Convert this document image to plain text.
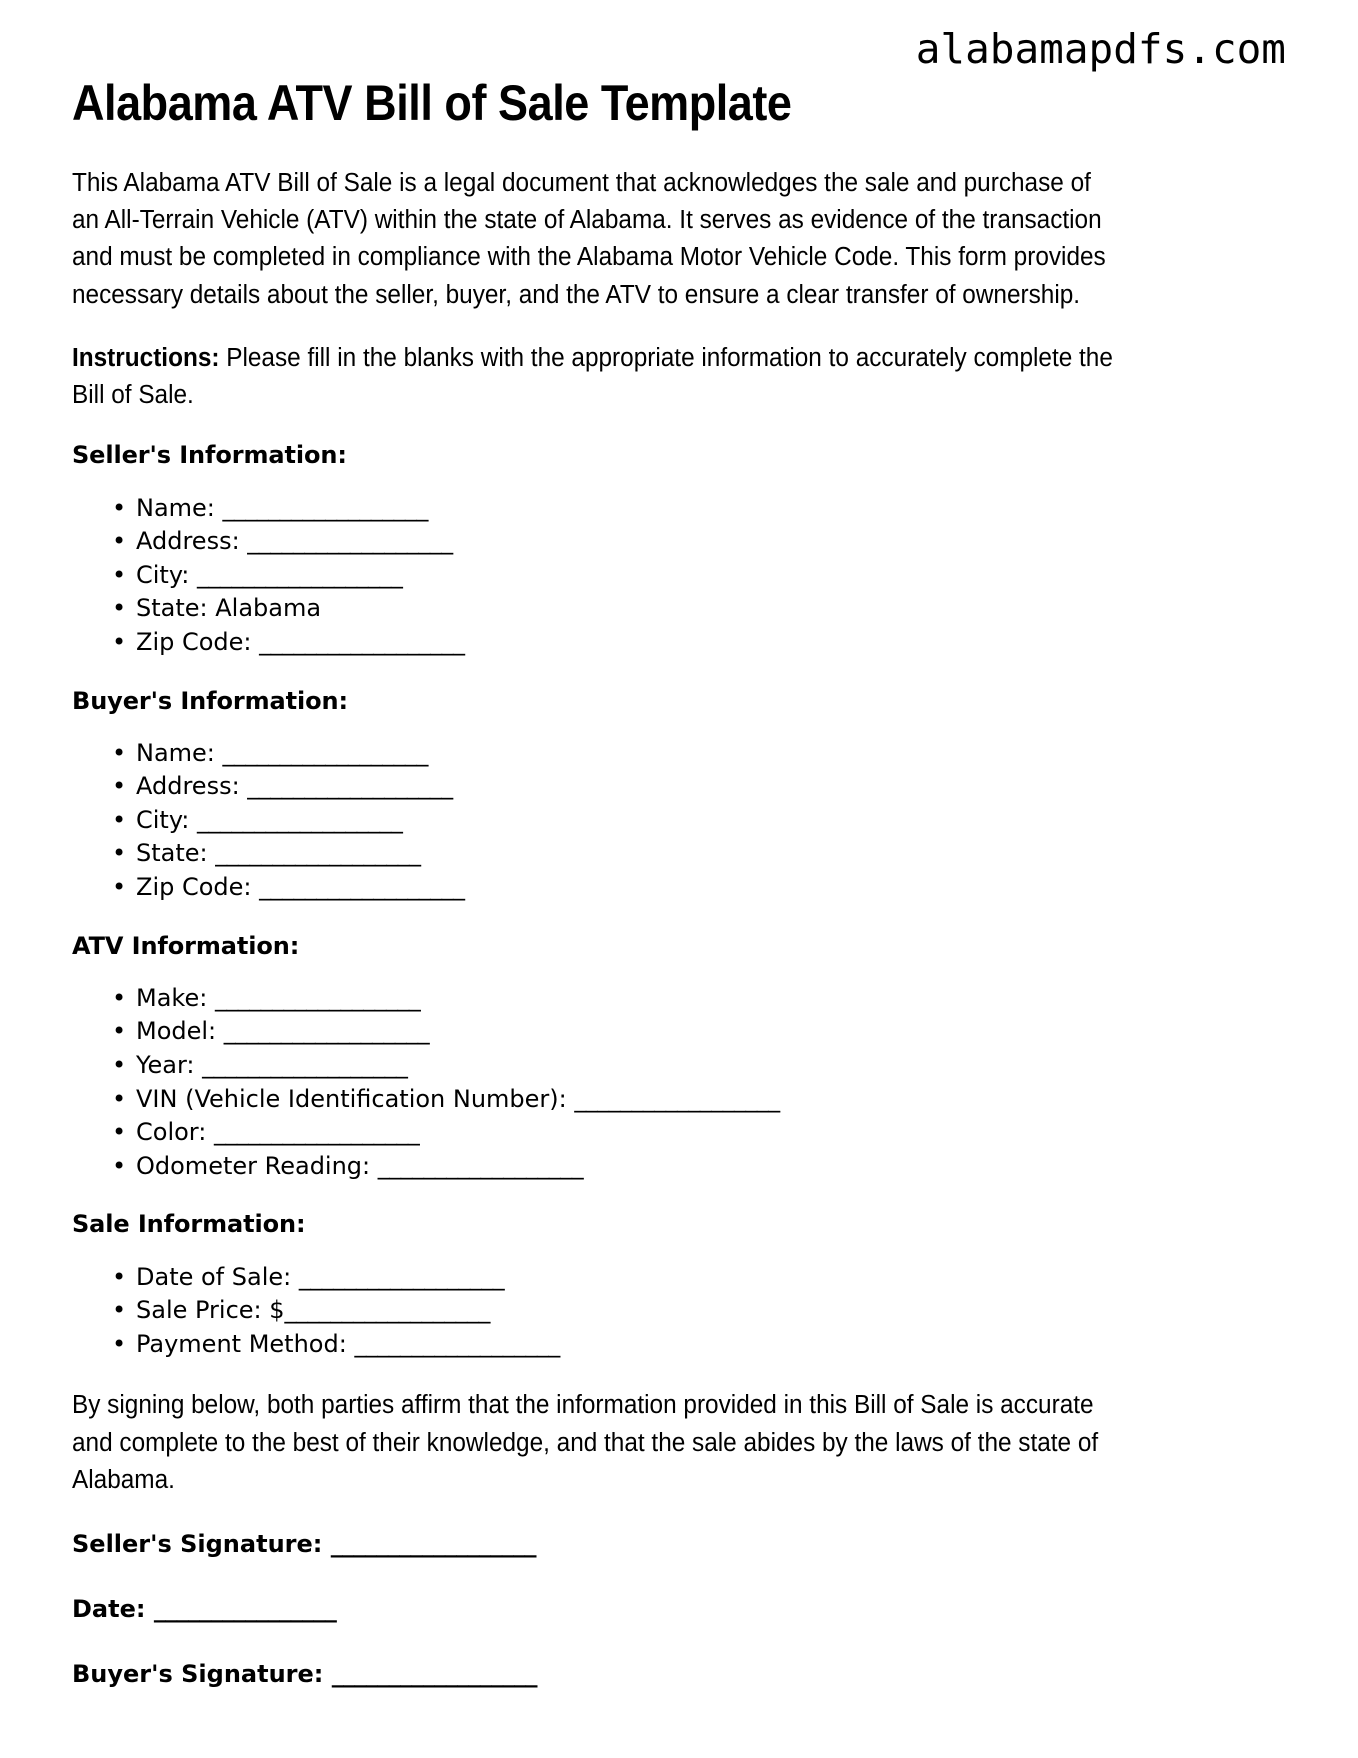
alabamapdfs.com
Alabama ATV Bill of Sale Template

This Alabama ATV Bill of Sale is a legal document that acknowledges the sale and purchase of an All-Terrain Vehicle (ATV) within the state of Alabama. It serves as evidence of the transaction and must be completed in compliance with the Alabama Motor Vehicle Code. This form provides necessary details about the seller, buyer, and the ATV to ensure a clear transfer of ownership.

Instructions: Please fill in the blanks with the appropriate information to accurately complete the Bill of Sale.

Seller's Information:
• Name: __________________
• Address: __________________
• City: __________________
• State: Alabama
• Zip Code: __________________
Buyer's Information:
• Name: __________________
• Address: __________________
• City: __________________
• State: __________________
• Zip Code: __________________
ATV Information:
• Make: __________________
• Model: __________________
• Year: __________________
• VIN (Vehicle Identification Number): __________________
• Color: __________________
• Odometer Reading: __________________
Sale Information:
• Date of Sale: __________________
• Sale Price: $__________________
• Payment Method: __________________

By signing below, both parties affirm that the information provided in this Bill of Sale is accurate and complete to the best of their knowledge, and that the sale abides by the laws of the state of Alabama.

Seller's Signature: __________________
Date: ________________
Buyer's Signature: __________________
